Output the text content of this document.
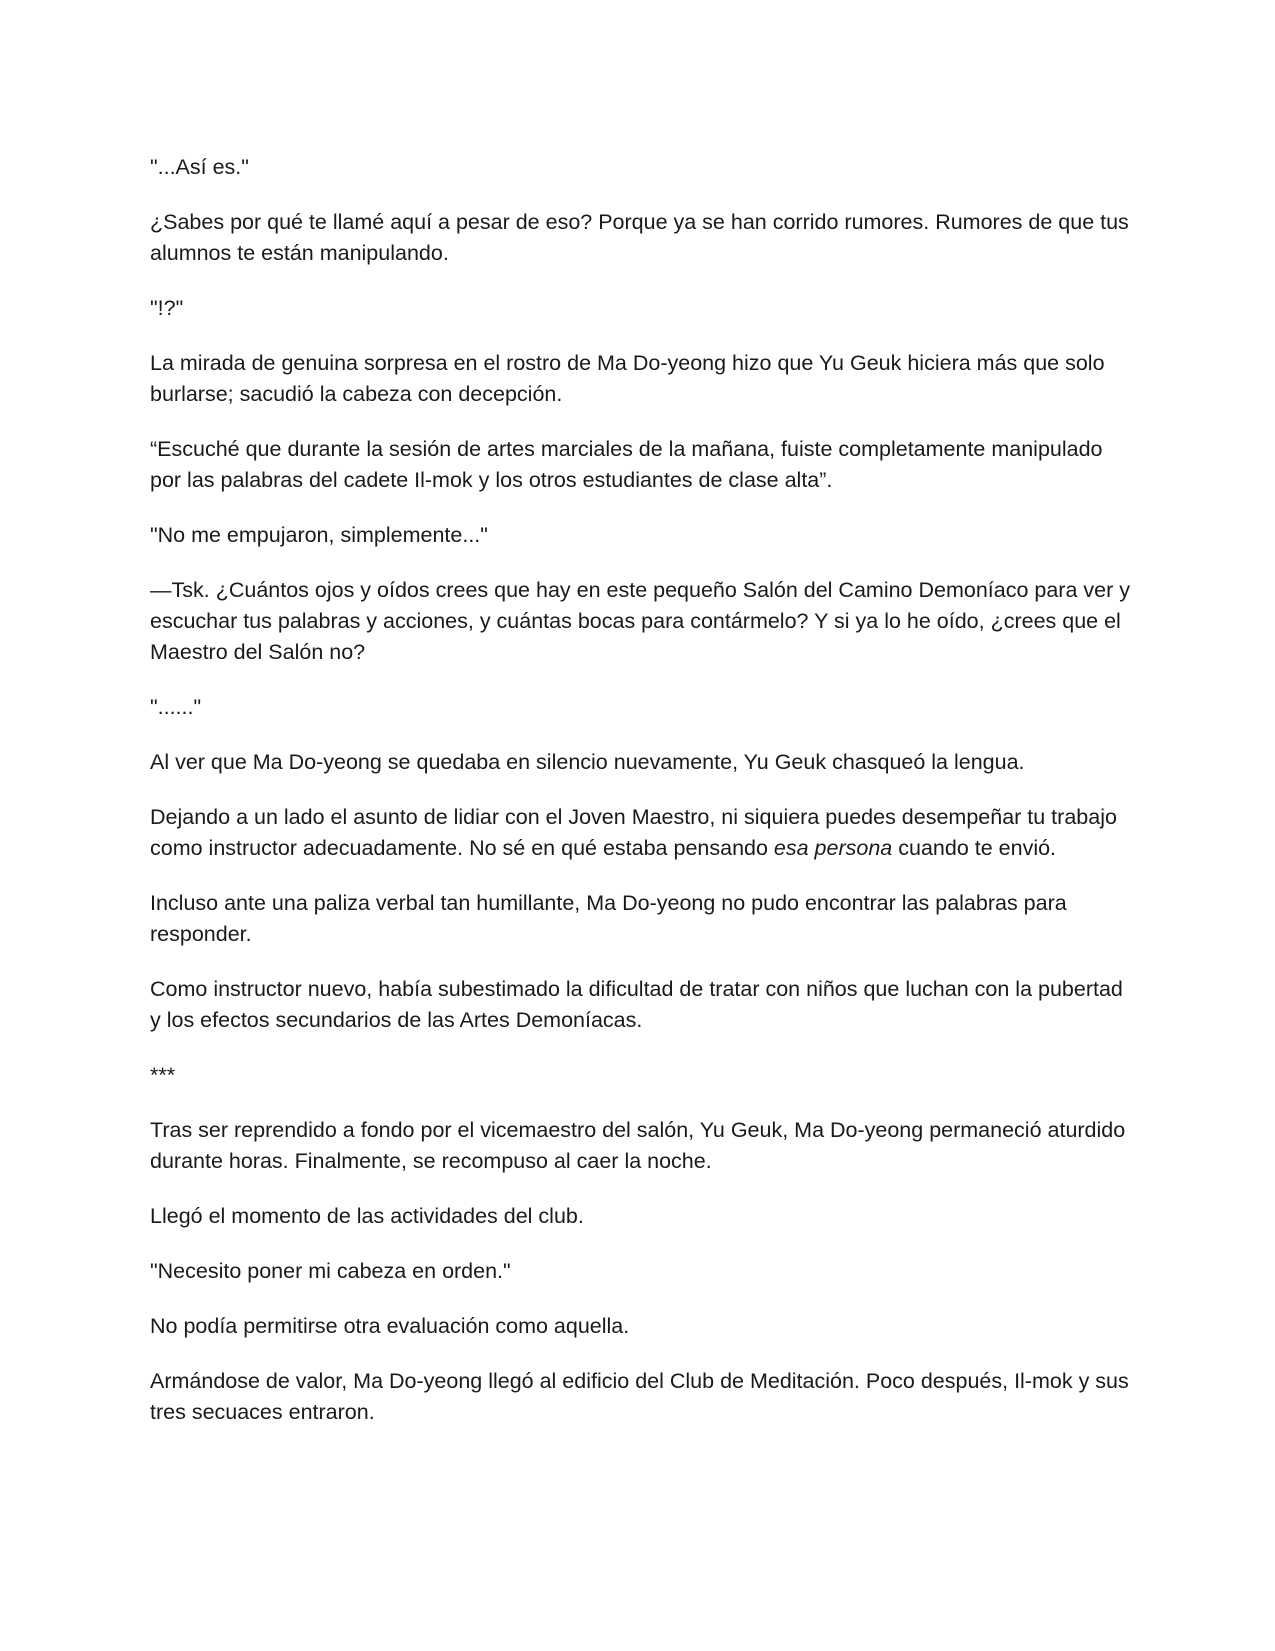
"...Así es."

¿Sabes por qué te llamé aquí a pesar de eso? Porque ya se han corrido rumores. Rumores de que tus alumnos te están manipulando.

"!?"

La mirada de genuina sorpresa en el rostro de Ma Do-yeong hizo que Yu Geuk hiciera más que solo burlarse; sacudió la cabeza con decepción.

“Escuché que durante la sesión de artes marciales de la mañana, fuiste completamente manipulado por las palabras del cadete Il-mok y los otros estudiantes de clase alta”.

"No me empujaron, simplemente..."

—Tsk. ¿Cuántos ojos y oídos crees que hay en este pequeño Salón del Camino Demoníaco para ver y escuchar tus palabras y acciones, y cuántas bocas para contármelo? Y si ya lo he oído, ¿crees que el Maestro del Salón no?

"......"

Al ver que Ma Do-yeong se quedaba en silencio nuevamente, Yu Geuk chasqueó la lengua.

Dejando a un lado el asunto de lidiar con el Joven Maestro, ni siquiera puedes desempeñar tu trabajo como instructor adecuadamente. No sé en qué estaba pensando esa persona cuando te envió.

Incluso ante una paliza verbal tan humillante, Ma Do-yeong no pudo encontrar las palabras para responder.

Como instructor nuevo, había subestimado la dificultad de tratar con niños que luchan con la pubertad y los efectos secundarios de las Artes Demoníacas.

***

Tras ser reprendido a fondo por el vicemaestro del salón, Yu Geuk, Ma Do-yeong permaneció aturdido durante horas. Finalmente, se recompuso al caer la noche.

Llegó el momento de las actividades del club.

"Necesito poner mi cabeza en orden."

No podía permitirse otra evaluación como aquella.

Armándose de valor, Ma Do-yeong llegó al edificio del Club de Meditación. Poco después, Il-mok y sus tres secuaces entraron.
